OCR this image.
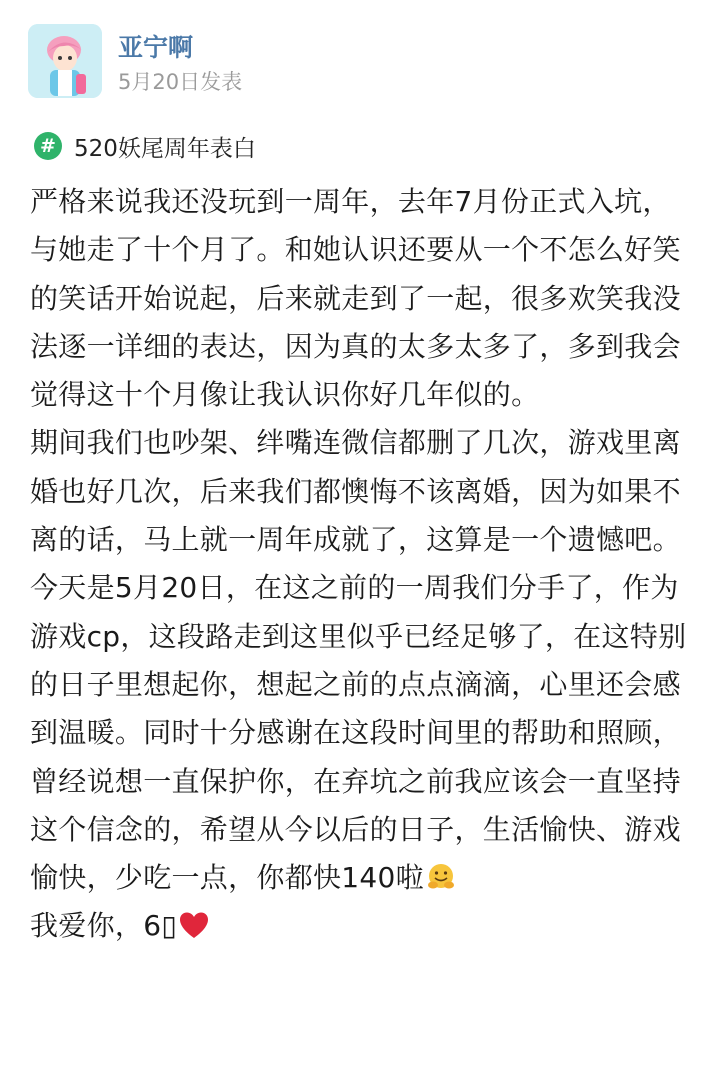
亚宁啊
5月20日发表
# 520妖尾周年表白

严格来说我还没玩到一周年，去年7月份正式入坑，与她走了十个月了。和她认识还要从一个不怎么好笑的笑话开始说起，后来就走到了一起，很多欢笑我没法逐一详细的表达，因为真的太多太多了，多到我会觉得这十个月像让我认识你好几年似的。

期间我们也吵架、绊嘴连微信都删了几次，游戏里离婚也好几次，后来我们都懊悔不该离婚，因为如果不离的话，马上就一周年成就了，这算是一个遗憾吧。

今天是5月20日，在这之前的一周我们分手了，作为游戏cp，这段路走到这里似乎已经足够了，在这特别的日子里想起你，想起之前的点点滴滴，心里还会感到温暖。同时十分感谢在这段时间里的帮助和照顾，曾经说想一直保护你，在弃坑之前我应该会一直坚持这个信念的，希望从今以后的日子，生活愉快、游戏愉快，少吃一点，你都快140啦

我爱你，6▯
